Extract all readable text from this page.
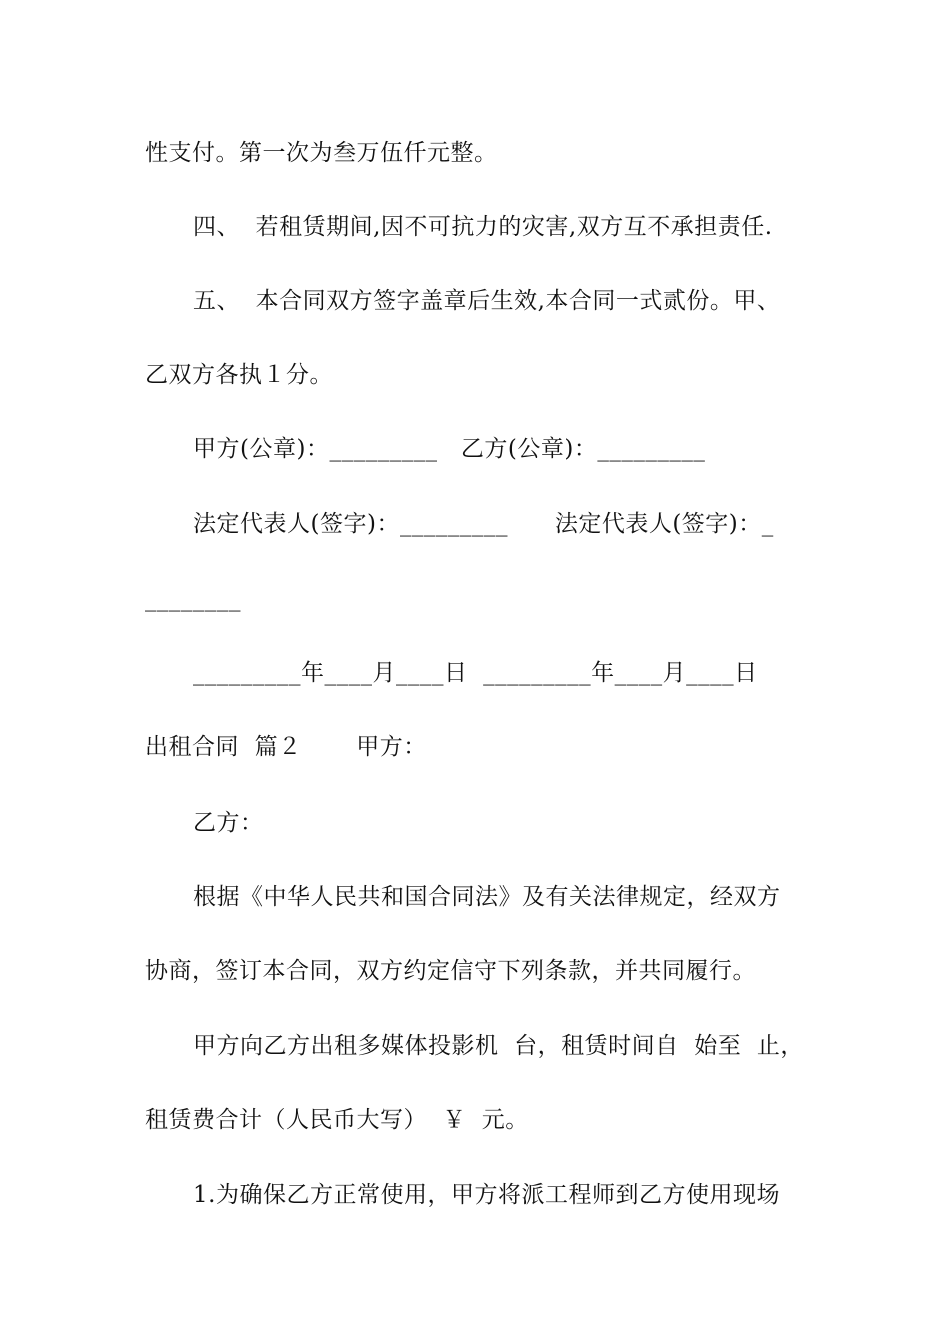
性支付。第一次为叁万伍仟元整。
四、  若租赁期间,因不可抗力的灾害,双方互不承担责任.
五、  本合同双方签字盖章后生效,本合同一式贰份。甲、
乙双方各执１分。
甲方(公章)：_________   乙方(公章)：_________
法定代表人(签字)：_________      法定代表人(签字)：_
________
_________年____月____日  _________年____月____日
出租合同  篇２       甲方：
乙方：
根据《中华人民共和国合同法》及有关法律规定，经双方
协商，签订本合同，双方约定信守下列条款，并共同履行。
甲方向乙方出租多媒体投影机  台，租赁时间自  始至  止，
租赁费合计（人民币大写）  ￥  元。
1.为确保乙方正常使用，甲方将派工程师到乙方使用现场
